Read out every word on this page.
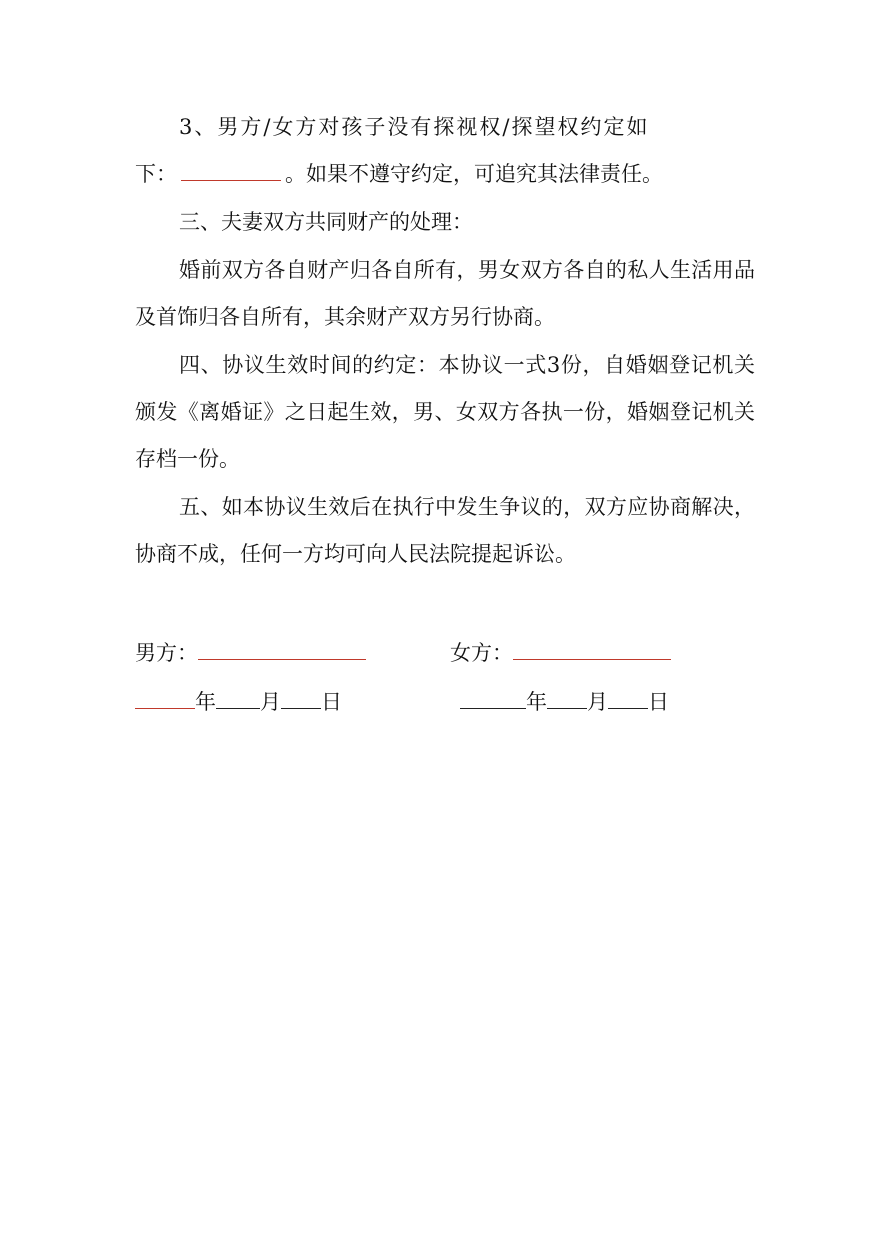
3、男方/女方对孩子没有探视权/探望权约定如

下：	。如果不遵守约定，可追究其法律责任。

三、夫妻双方共同财产的处理：

婚前双方各自财产归各自所有，男女双方各自的私人生活用品及首饰归各自所有，其余财产双方另行协商。

四、协议生效时间的约定：本协议一式3份，自婚姻登记机关颁发《离婚证》之日起生效，男、女双方各执一份，婚姻登记机关存档一份。

五、如本协议生效后在执行中发生争议的，双方应协商解决，协商不成，任何一方均可向人民法院提起诉讼。

男方：	女方：
年 月 日	年 月 日
